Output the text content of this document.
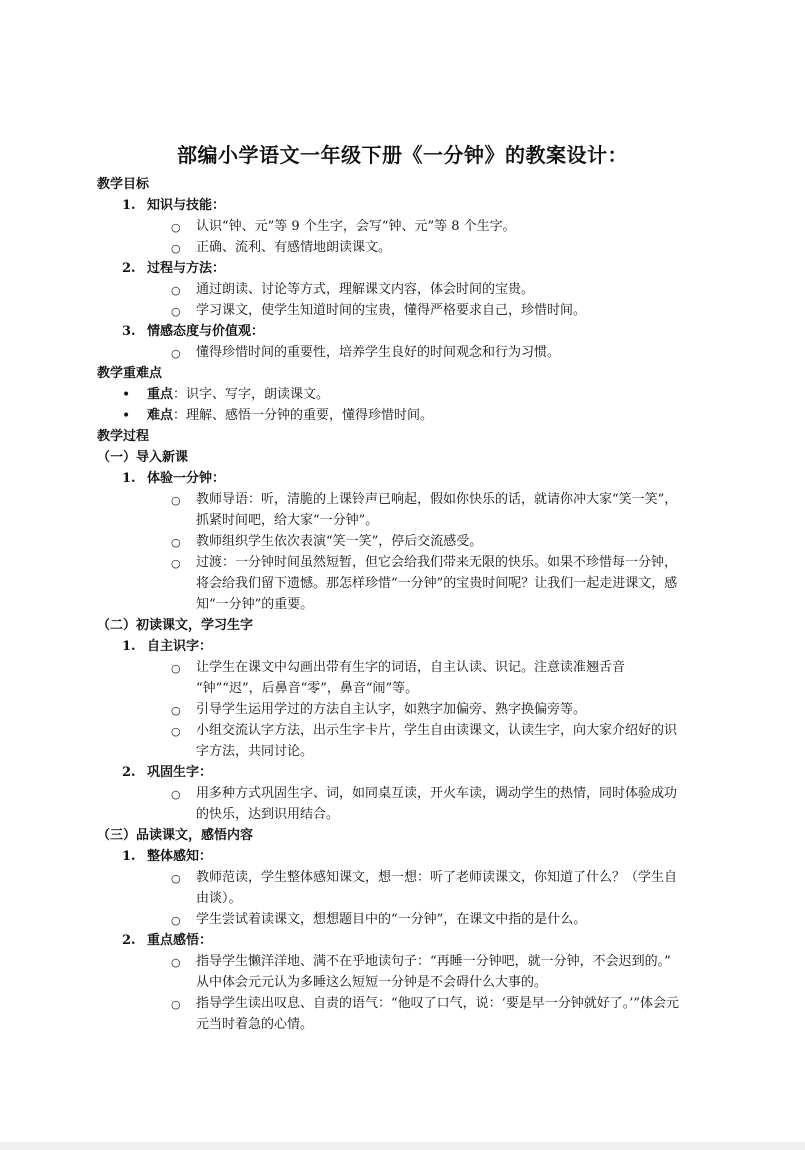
部编小学语文一年级下册《一分钟》的教案设计：
教学目标
1. 知识与技能：
○ 认识“钟、元”等 9 个生字，会写“钟、元”等 8 个生字。
○ 正确、流利、有感情地朗读课文。
2. 过程与方法：
○ 通过朗读、讨论等方式，理解课文内容，体会时间的宝贵。
○ 学习课文，使学生知道时间的宝贵，懂得严格要求自己，珍惜时间。
3. 情感态度与价值观：
○ 懂得珍惜时间的重要性，培养学生良好的时间观念和行为习惯。
教学重难点
• 重点：识字、写字，朗读课文。
• 难点：理解、感悟一分钟的重要，懂得珍惜时间。
教学过程
（一）导入新课
1. 体验一分钟：
○ 教师导语：听，清脆的上课铃声已响起，假如你快乐的话，就请你冲大家“笑一笑”，
抓紧时间吧，给大家“一分钟”。
○ 教师组织学生依次表演“笑一笑”，停后交流感受。
○ 过渡：一分钟时间虽然短暂，但它会给我们带来无限的快乐。如果不珍惜每一分钟，
将会给我们留下遗憾。那怎样珍惜“一分钟”的宝贵时间呢？让我们一起走进课文，感
知“一分钟”的重要。
（二）初读课文，学习生字
1. 自主识字：
○ 让学生在课文中勾画出带有生字的词语，自主认读、识记。注意读准翘舌音
“钟”“迟”，后鼻音“零”，鼻音“闹”等。
○ 引导学生运用学过的方法自主认字，如熟字加偏旁、熟字换偏旁等。
○ 小组交流认字方法，出示生字卡片，学生自由读课文，认读生字，向大家介绍好的识
字方法，共同讨论。
2. 巩固生字：
○ 用多种方式巩固生字、词，如同桌互读，开火车读，调动学生的热情，同时体验成功
的快乐，达到识用结合。
（三）品读课文，感悟内容
1. 整体感知：
○ 教师范读，学生整体感知课文，想一想：听了老师读课文，你知道了什么？（学生自
由谈）。
○ 学生尝试着读课文，想想题目中的“一分钟”，在课文中指的是什么。
2. 重点感悟：
○ 指导学生懒洋洋地、满不在乎地读句子：“再睡一分钟吧，就一分钟，不会迟到的。”
从中体会元元认为多睡这么短短一分钟是不会碍什么大事的。
○ 指导学生读出叹息、自责的语气：“他叹了口气，说：‘要是早一分钟就好了。’”体会元
元当时着急的心情。
